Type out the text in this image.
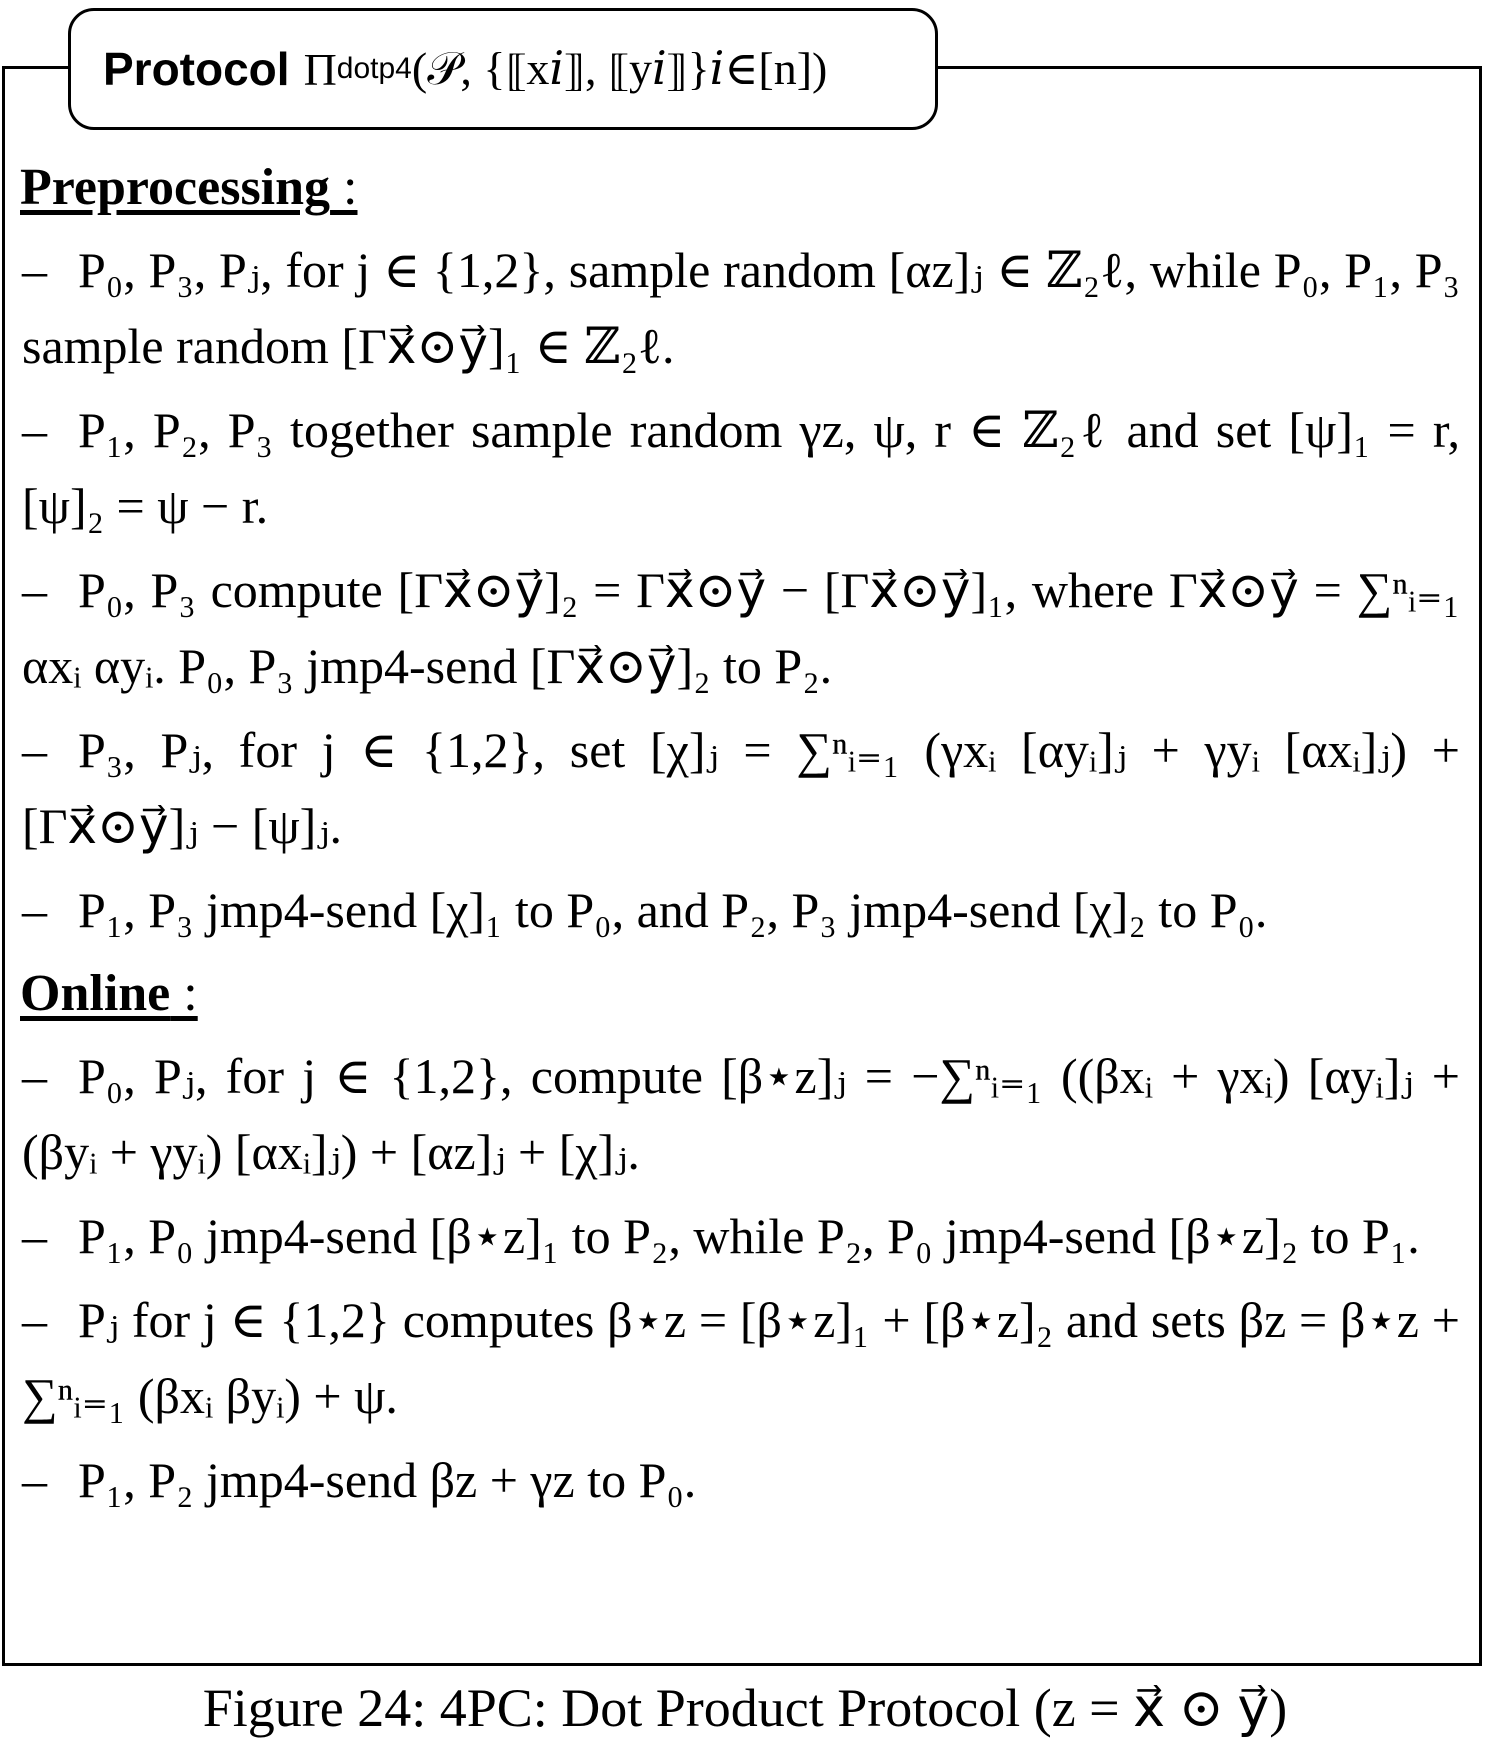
Protocol Π dotp4 (𝒫, {⟦x𝑖⟧, ⟦y𝑖⟧}𝑖∈[n])
Preprocessing :
– P₀, P₃, Pⱼ, for j ∈ {1,2}, sample random [αz]ⱼ ∈ ℤ₂ℓ, while P₀, P₁, P₃ sample random [Γx⃗⊙y⃗]₁ ∈ ℤ₂ℓ.
– P₁, P₂, P₃ together sample random γz, ψ, r ∈ ℤ₂ℓ and set [ψ]₁ = r, [ψ]₂ = ψ − r.
– P₀, P₃ compute [Γx⃗⊙y⃗]₂ = Γx⃗⊙y⃗ − [Γx⃗⊙y⃗]₁, where Γx⃗⊙y⃗ = ∑ⁿᵢ₌₁ αxᵢ αyᵢ. P₀, P₃ jmp4-send [Γx⃗⊙y⃗]₂ to P₂.
– P₃, Pⱼ, for j ∈ {1,2}, set [χ]ⱼ = ∑ⁿᵢ₌₁ (γxᵢ [αyᵢ]ⱼ + γyᵢ [αxᵢ]ⱼ) + [Γx⃗⊙y⃗]ⱼ − [ψ]ⱼ.
– P₁, P₃ jmp4-send [χ]₁ to P₀, and P₂, P₃ jmp4-send [χ]₂ to P₀.
Online :
– P₀, Pⱼ, for j ∈ {1,2}, compute [β⋆z]ⱼ = −∑ⁿᵢ₌₁ ((βxᵢ + γxᵢ) [αyᵢ]ⱼ + (βyᵢ + γyᵢ) [αxᵢ]ⱼ) + [αz]ⱼ + [χ]ⱼ.
– P₁, P₀ jmp4-send [β⋆z]₁ to P₂, while P₂, P₀ jmp4-send [β⋆z]₂ to P₁.
– Pⱼ for j ∈ {1,2} computes β⋆z = [β⋆z]₁ + [β⋆z]₂ and sets βz = β⋆z + ∑ⁿᵢ₌₁ (βxᵢ βyᵢ) + ψ.
– P₁, P₂ jmp4-send βz + γz to P₀.
Figure 24: 4PC: Dot Product Protocol (z = x⃗ ⊙ y⃗)
